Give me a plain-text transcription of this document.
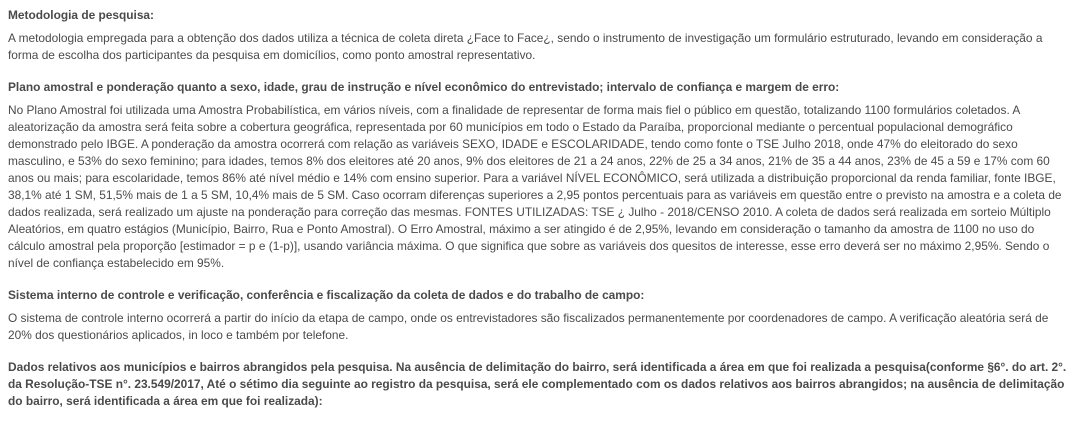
Metodologia de pesquisa:

A metodologia empregada para a obtenção dos dados utiliza a técnica de coleta direta ¿Face to Face¿, sendo o instrumento de investigação um formulário estruturado, levando em consideração a forma de escolha dos participantes da pesquisa em domicílios, como ponto amostral representativo.

Plano amostral e ponderação quanto a sexo, idade, grau de instrução e nível econômico do entrevistado; intervalo de confiança e margem de erro:

No Plano Amostral foi utilizada uma Amostra Probabilística, em vários níveis, com a finalidade de representar de forma mais fiel o público em questão, totalizando 1100 formulários coletados. A aleatorização da amostra será feita sobre a cobertura geográfica, representada por 60 municípios em todo o Estado da Paraíba, proporcional mediante o percentual populacional demográfico demonstrado pelo IBGE. A ponderação da amostra ocorrerá com relação as variáveis SEXO, IDADE e ESCOLARIDADE, tendo como fonte o TSE Julho 2018, onde 47% do eleitorado do sexo masculino, e 53% do sexo feminino; para idades, temos 8% dos eleitores até 20 anos, 9% dos eleitores de 21 a 24 anos, 22% de 25 a 34 anos, 21% de 35 a 44 anos, 23% de 45 a 59 e 17% com 60 anos ou mais; para escolaridade, temos 86% até nível médio e 14% com ensino superior. Para a variável NÍVEL ECONÔMICO, será utilizada a distribuição proporcional da renda familiar, fonte IBGE, 38,1% até 1 SM, 51,5% mais de 1 a 5 SM, 10,4% mais de 5 SM. Caso ocorram diferenças superiores a 2,95 pontos percentuais para as variáveis em questão entre o previsto na amostra e a coleta de dados realizada, será realizado um ajuste na ponderação para correção das mesmas. FONTES UTILIZADAS: TSE ¿ Julho - 2018/CENSO 2010. A coleta de dados será realizada em sorteio Múltiplo Aleatórios, em quatro estágios (Município, Bairro, Rua e Ponto Amostral). O Erro Amostral, máximo a ser atingido é de 2,95%, levando em consideração o tamanho da amostra de 1100 no uso do cálculo amostral pela proporção [estimador = p e (1-p)], usando variância máxima. O que significa que sobre as variáveis dos quesitos de interesse, esse erro deverá ser no máximo 2,95%. Sendo o nível de confiança estabelecido em 95%.

Sistema interno de controle e verificação, conferência e fiscalização da coleta de dados e do trabalho de campo:

O sistema de controle interno ocorrerá a partir do início da etapa de campo, onde os entrevistadores são fiscalizados permanentemente por coordenadores de campo. A verificação aleatória será de 20% dos questionários aplicados, in loco e também por telefone.

Dados relativos aos municípios e bairros abrangidos pela pesquisa. Na ausência de delimitação do bairro, será identificada a área em que foi realizada a pesquisa(conforme §6°. do art. 2°. da Resolução-TSE n°. 23.549/2017, Até o sétimo dia seguinte ao registro da pesquisa, será ele complementado com os dados relativos aos bairros abrangidos; na ausência de delimitação do bairro, será identificada a área em que foi realizada):
